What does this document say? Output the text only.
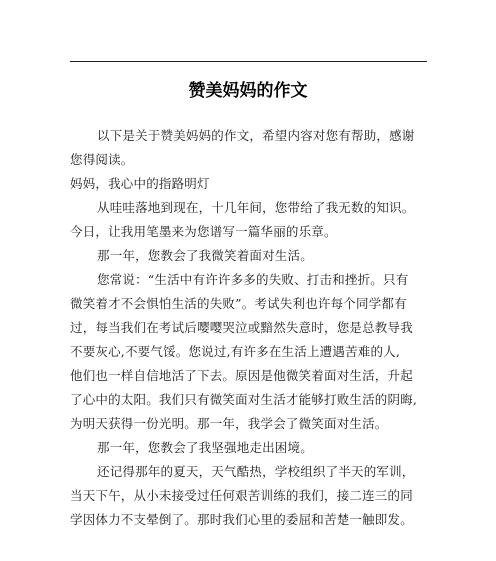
赞美妈妈的作文
以下是关于赞美妈妈的作文，希望内容对您有帮助，感谢
您得阅读。
妈妈，我心中的指路明灯
从哇哇落地到现在，十几年间，您带给了我无数的知识。
今日，让我用笔墨来为您谱写一篇华丽的乐章。
那一年，您教会了我微笑着面对生活。
您常说：“生活中有许许多多的失败、打击和挫折。只有
微笑着才不会惧怕生活的失败”。考试失利也许每个同学都有
过，每当我们在考试后嘤嘤哭泣或黯然失意时，您是总教导我
不要灰心,不要气馁。您说过,有许多在生活上遭遇苦难的人,
他们也一样自信地活了下去。原因是他微笑着面对生活，升起
了心中的太阳。我们只有微笑面对生活才能够打败生活的阴晦,
为明天获得一份光明。那一年，我学会了微笑面对生活。
那一年，您教会了我坚强地走出困境。
还记得那年的夏天，天气酷热，学校组织了半天的军训，
当天下午，从小未接受过任何艰苦训练的我们，接二连三的同
学因体力不支晕倒了。那时我们心里的委屈和苦楚一触即发。
